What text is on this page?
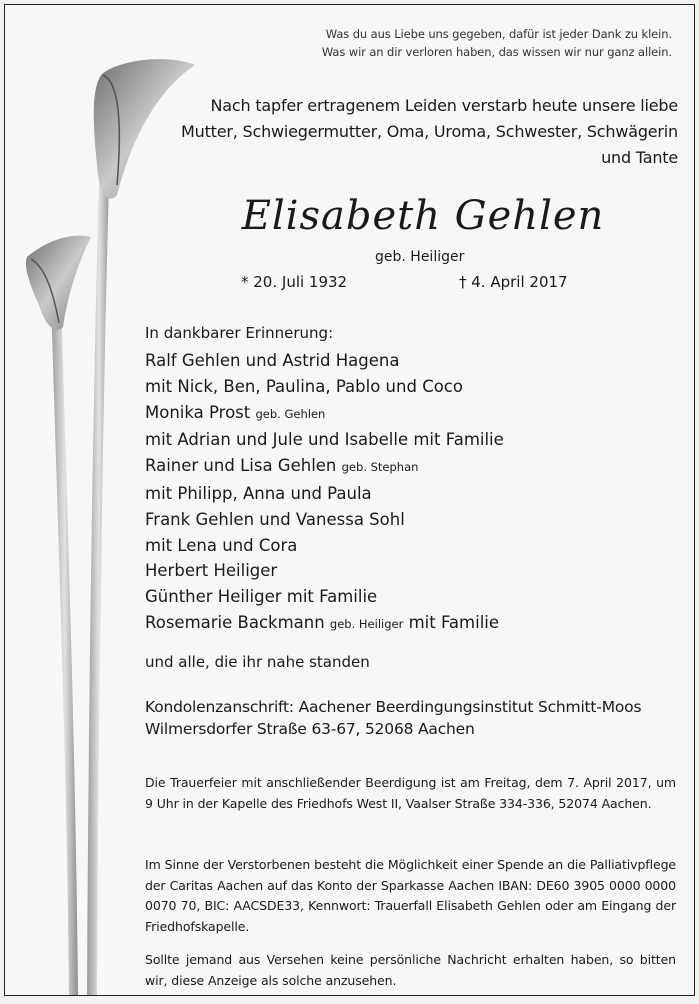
Was du aus Liebe uns gegeben, dafür ist jeder Dank zu klein.
Was wir an dir verloren haben, das wissen wir nur ganz allein.
Nach tapfer ertragenem Leiden verstarb heute unsere liebe
Mutter, Schwiegermutter, Oma, Uroma, Schwester, Schwägerin
und Tante
Elisabeth Gehlen
geb. Heiliger
* 20. Juli 1932	† 4. April 2017
In dankbarer Erinnerung:
Ralf Gehlen und Astrid Hagena
mit Nick, Ben, Paulina, Pablo und Coco
Monika Prost geb. Gehlen
mit Adrian und Jule und Isabelle mit Familie
Rainer und Lisa Gehlen geb. Stephan
mit Philipp, Anna und Paula
Frank Gehlen und Vanessa Sohl
mit Lena und Cora
Herbert Heiliger
Günther Heiliger mit Familie
Rosemarie Backmann geb. Heiliger mit Familie
und alle, die ihr nahe standen
Kondolenzanschrift: Aachener Beerdingungsinstitut Schmitt-Moos
Wilmersdorfer Straße 63-67, 52068 Aachen

Die Trauerfeier mit anschließender Beerdigung ist am Freitag, dem 7. April 2017, um 9 Uhr in der Kapelle des Friedhofs West II, Vaalser Straße 334-336, 52074 Aachen.

Im Sinne der Verstorbenen besteht die Möglichkeit einer Spende an die Palliativpflege der Caritas Aachen auf das Konto der Sparkasse Aachen IBAN: DE60 3905 0000 0000 0070 70, BIC: AACSDE33, Kennwort: Trauerfall Elisabeth Gehlen oder am Eingang der Friedhofskapelle.

Sollte jemand aus Versehen keine persönliche Nachricht erhalten haben, so bitten wir, diese Anzeige als solche anzusehen.
